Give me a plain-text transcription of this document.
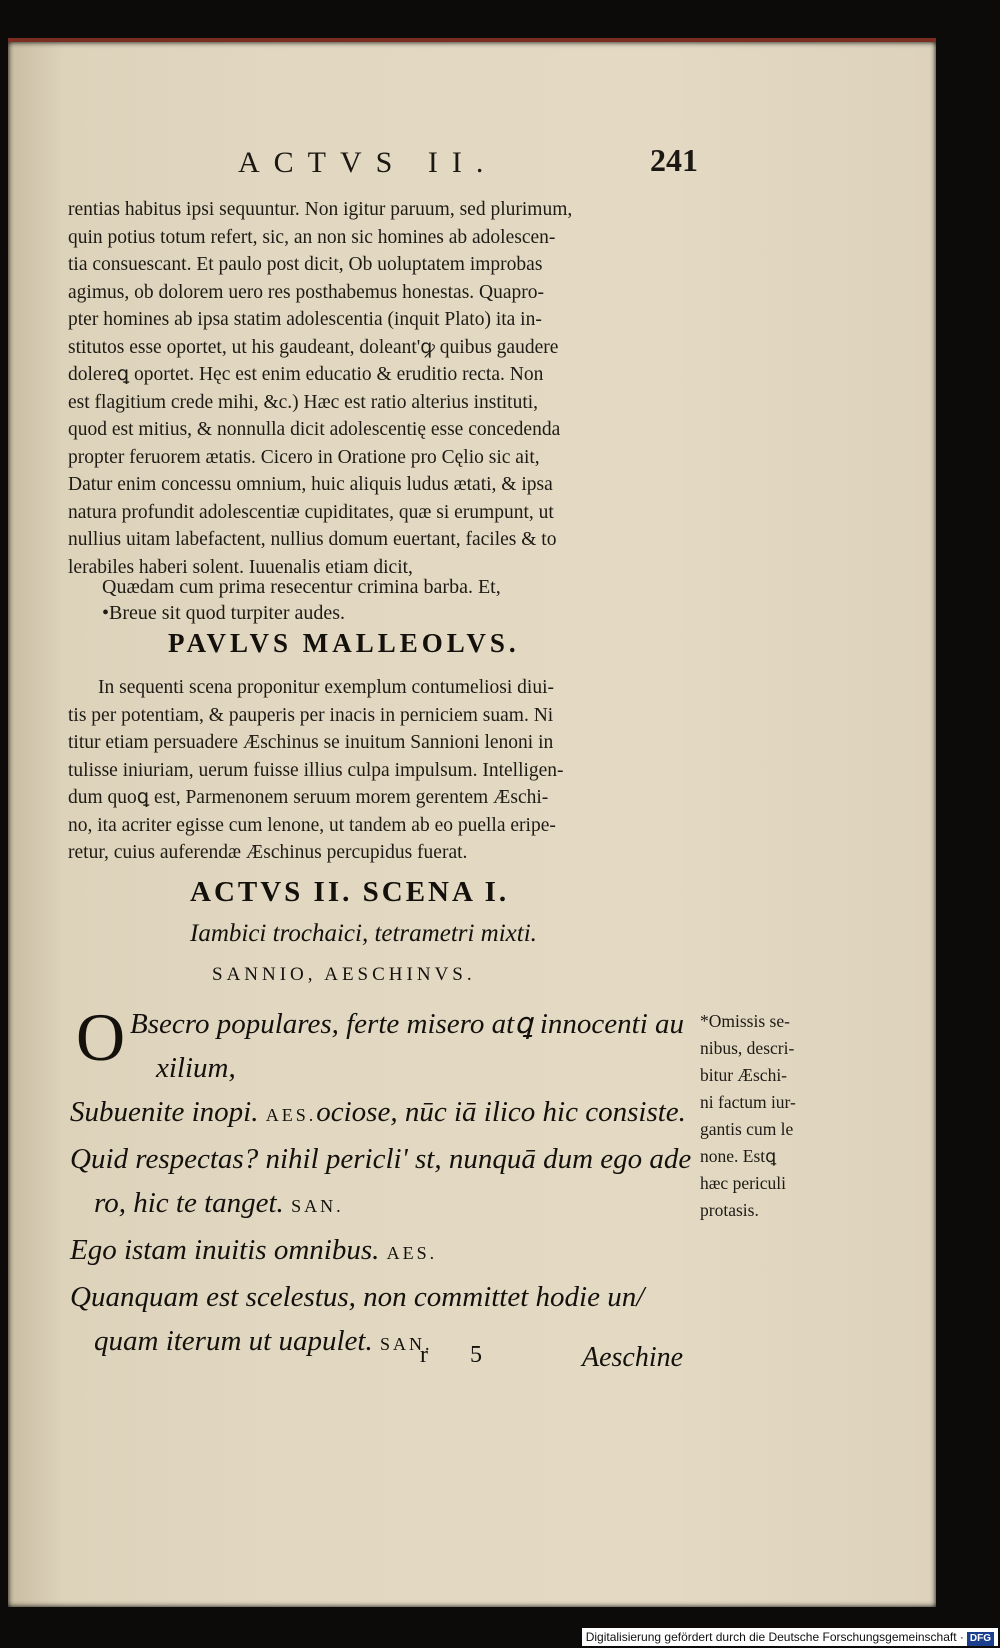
ACTVS II.	241

rentias habitus ipsi sequuntur. Non igitur paruum, sed plurimum,

quin potius totum refert, sic, an non sic homines ab adolescen-

tia consuescant. Et paulo post dicit, Ob uoluptatem improbas

agimus, ob dolorem uero res posthabemus honestas. Quapro-

pter homines ab ipsa statim adolescentia (inquit Plato) ita in-

stitutos esse oportet, ut his gaudeant, doleant'ꝙ quibus gaudere

dolereꝗ oportet. Hęc est enim educatio & eruditio recta. Non

est flagitium crede mihi, &c.) Hæc est ratio alterius instituti,

quod est mitius, & nonnulla dicit adolescentię esse concedenda

propter feruorem ætatis. Cicero in Oratione pro Cęlio sic ait,

Datur enim concessu omnium, huic aliquis ludus ætati, & ipsa

natura profundit adolescentiæ cupiditates, quæ si erumpunt, ut

nullius uitam labefactent, nullius domum euertant, faciles & to

lerabiles haberi solent. Iuuenalis etiam dicit,

Quædam cum prima resecentur crimina barba. Et,
•Breue sit quod turpiter audes.
PAVLVS MALLEOLVS.

In sequenti scena proponitur exemplum contumeliosi diui-

tis per potentiam, & pauperis per inacis in perniciem suam. Ni

titur etiam persuadere Æschinus se inuitum Sannioni lenoni in

tulisse iniuriam, uerum fuisse illius culpa impulsum. Intelligen-

dum quoꝗ est, Parmenonem seruum morem gerentem Æschi-

no, ita acriter egisse cum lenone, ut tandem ab eo puella eripe-

retur, cuius auferendæ Æschinus percupidus fuerat.

ACTVS II. SCENA I.
Iambici trochaici, tetrametri mixti.
SANNIO, AESCHINVS.
O Bsecro populares, ferte misero atꝗ innocenti au
xilium,
Subuenite inopi. AES.ociose, nūc iā ilico hic consiste.
Quid respectas? nihil pericli' st, nunquā dum ego ade
ro, hic te tanget. SAN.
Ego istam inuitis omnibus. AES.
Quanquam est scelestus, non committet hodie un/
quam iterum ut uapulet. SAN.
*Omissis se-
nibus, descri-
bitur Æschi-
ni factum iur-
gantis cum le
none. Estꝗ
hæc periculi
protasis.
r 5	Aeschine
Digitalisierung gefördert durch die Deutsche Forschungsgemeinschaft · DFG
